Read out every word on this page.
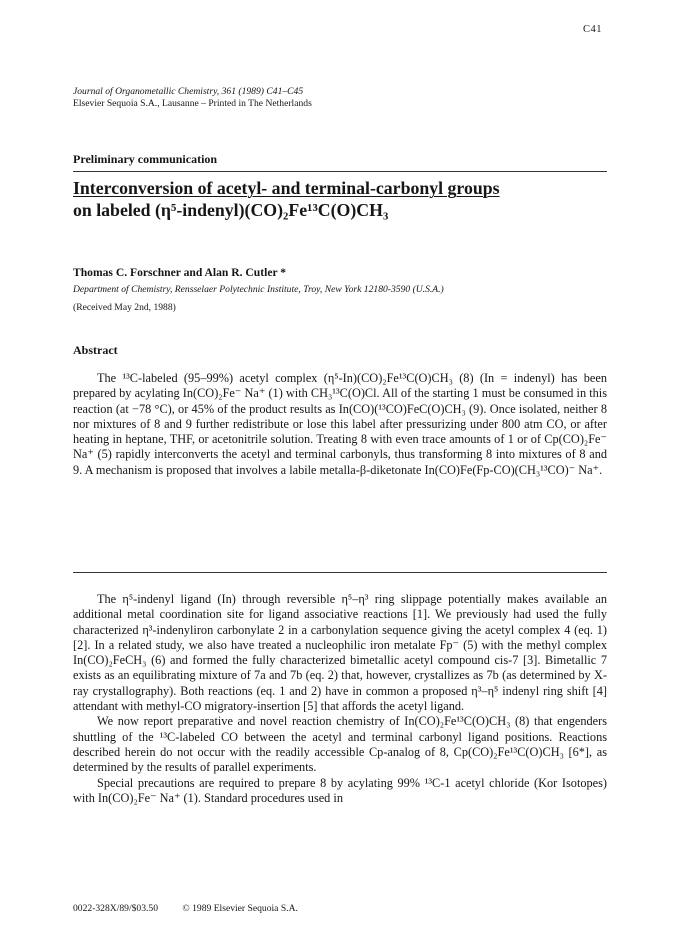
C41
Journal of Organometallic Chemistry, 361 (1989) C41–C45
Elsevier Sequoia S.A., Lausanne – Printed in The Netherlands
Preliminary communication
Interconversion of acetyl- and terminal-carbonyl groups
on labeled (η⁵-indenyl)(CO)₂Fe¹³C(O)CH₃
Thomas C. Forschner and Alan R. Cutler *
Department of Chemistry, Rensselaer Polytechnic Institute, Troy, New York 12180-3590 (U.S.A.)
(Received May 2nd, 1988)
Abstract
The ¹³C-labeled (95–99%) acetyl complex (η⁵-In)(CO)₂Fe¹³C(O)CH₃ (8) (In = indenyl) has been prepared by acylating In(CO)₂Fe⁻ Na⁺ (1) with CH₃¹³C(O)Cl. All of the starting 1 must be consumed in this reaction (at −78 °C), or 45% of the product results as In(CO)(¹³CO)FeC(O)CH₃ (9). Once isolated, neither 8 nor mixtures of 8 and 9 further redistribute or lose this label after pressurizing under 800 atm CO, or after heating in heptane, THF, or acetonitrile solution. Treating 8 with even trace amounts of 1 or of Cp(CO)₂Fe⁻ Na⁺ (5) rapidly interconverts the acetyl and terminal carbonyls, thus transforming 8 into mixtures of 8 and 9. A mechanism is proposed that involves a labile metalla-β-diketonate In(CO)Fe(Fp-CO)(CH₃¹³CO)⁻ Na⁺.

The η⁵-indenyl ligand (In) through reversible η⁵–η³ ring slippage potentially makes available an additional metal coordination site for ligand associative reactions [1]. We previously had used the fully characterized η³-indenyliron carbonylate 2 in a carbonylation sequence giving the acetyl complex 4 (eq. 1) [2]. In a related study, we also have treated a nucleophilic iron metalate Fp⁻ (5) with the methyl complex In(CO)₂FeCH₃ (6) and formed the fully characterized bimetallic acetyl compound cis-7 [3]. Bimetallic 7 exists as an equilibrating mixture of 7a and 7b (eq. 2) that, however, crystallizes as 7b (as determined by X-ray crystallography). Both reactions (eq. 1 and 2) have in common a proposed η³–η⁵ indenyl ring shift [4] attendant with methyl-CO migratory-insertion [5] that affords the acetyl ligand.

We now report preparative and novel reaction chemistry of In(CO)₂Fe¹³C(O)CH₃ (8) that engenders shuttling of the ¹³C-labeled CO between the acetyl and terminal carbonyl ligand positions. Reactions described herein do not occur with the readily accessible Cp-analog of 8, Cp(CO)₂Fe¹³C(O)CH₃ [6*], as determined by the results of parallel experiments.

Special precautions are required to prepare 8 by acylating 99% ¹³C-1 acetyl chloride (Kor Isotopes) with In(CO)₂Fe⁻ Na⁺ (1). Standard procedures used in

0022-328X/89/$03.50	© 1989 Elsevier Sequoia S.A.
